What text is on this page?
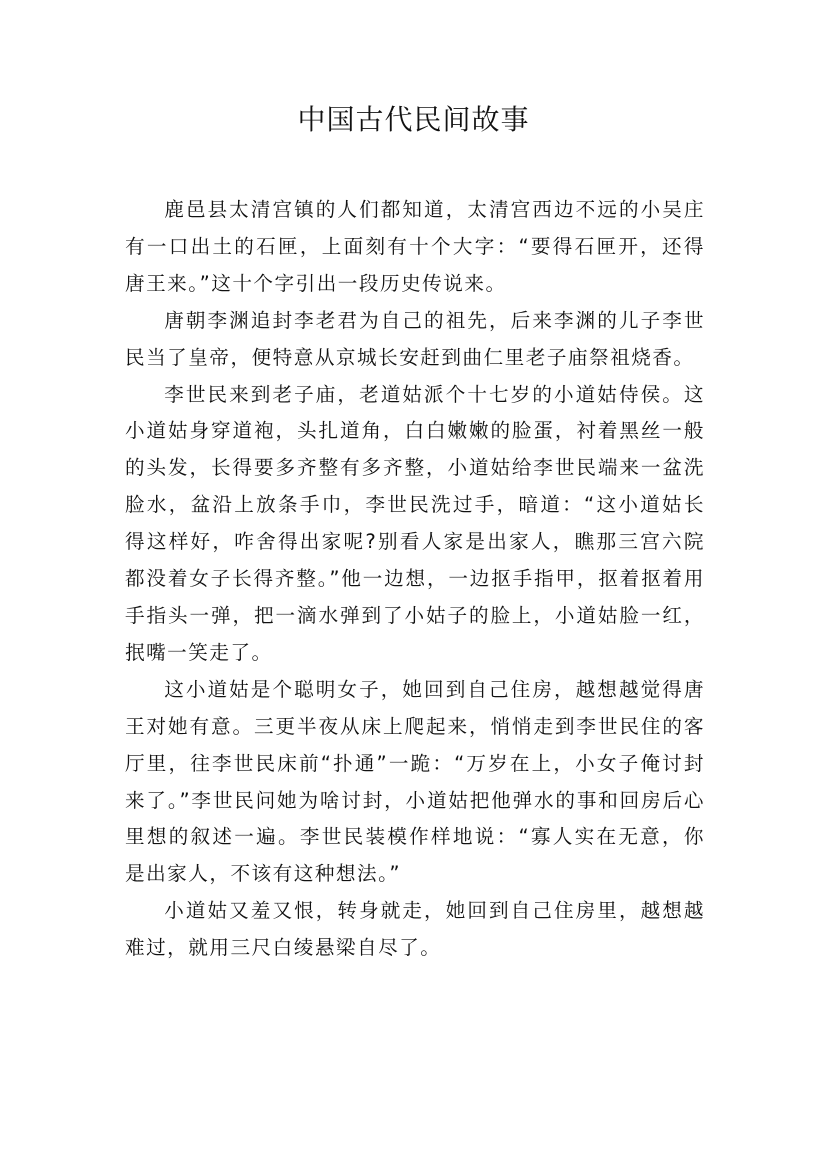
中国古代民间故事

鹿邑县太清宫镇的人们都知道，太清宫西边不远的小吴庄有一口出土的石匣，上面刻有十个大字：“要得石匣开，还得唐王来。”这十个字引出一段历史传说来。

唐朝李渊追封李老君为自己的祖先，后来李渊的儿子李世民当了皇帝，便特意从京城长安赶到曲仁里老子庙祭祖烧香。

李世民来到老子庙，老道姑派个十七岁的小道姑侍侯。这小道姑身穿道袍，头扎道角，白白嫩嫩的脸蛋，衬着黑丝一般的头发，长得要多齐整有多齐整，小道姑给李世民端来一盆洗脸水，盆沿上放条手巾，李世民洗过手，暗道：“这小道姑长得这样好，咋舍得出家呢?别看人家是出家人，瞧那三宫六院都没着女子长得齐整。”他一边想，一边抠手指甲，抠着抠着用手指头一弹，把一滴水弹到了小姑子的脸上，小道姑脸一红，抿嘴一笑走了。

这小道姑是个聪明女子，她回到自己住房，越想越觉得唐王对她有意。三更半夜从床上爬起来，悄悄走到李世民住的客厅里，往李世民床前“扑通”一跪：“万岁在上，小女子俺讨封来了。”李世民问她为啥讨封，小道姑把他弹水的事和回房后心里想的叙述一遍。李世民装模作样地说：“寡人实在无意，你是出家人，不该有这种想法。”

小道姑又羞又恨，转身就走，她回到自己住房里，越想越难过，就用三尺白绫悬梁自尽了。
